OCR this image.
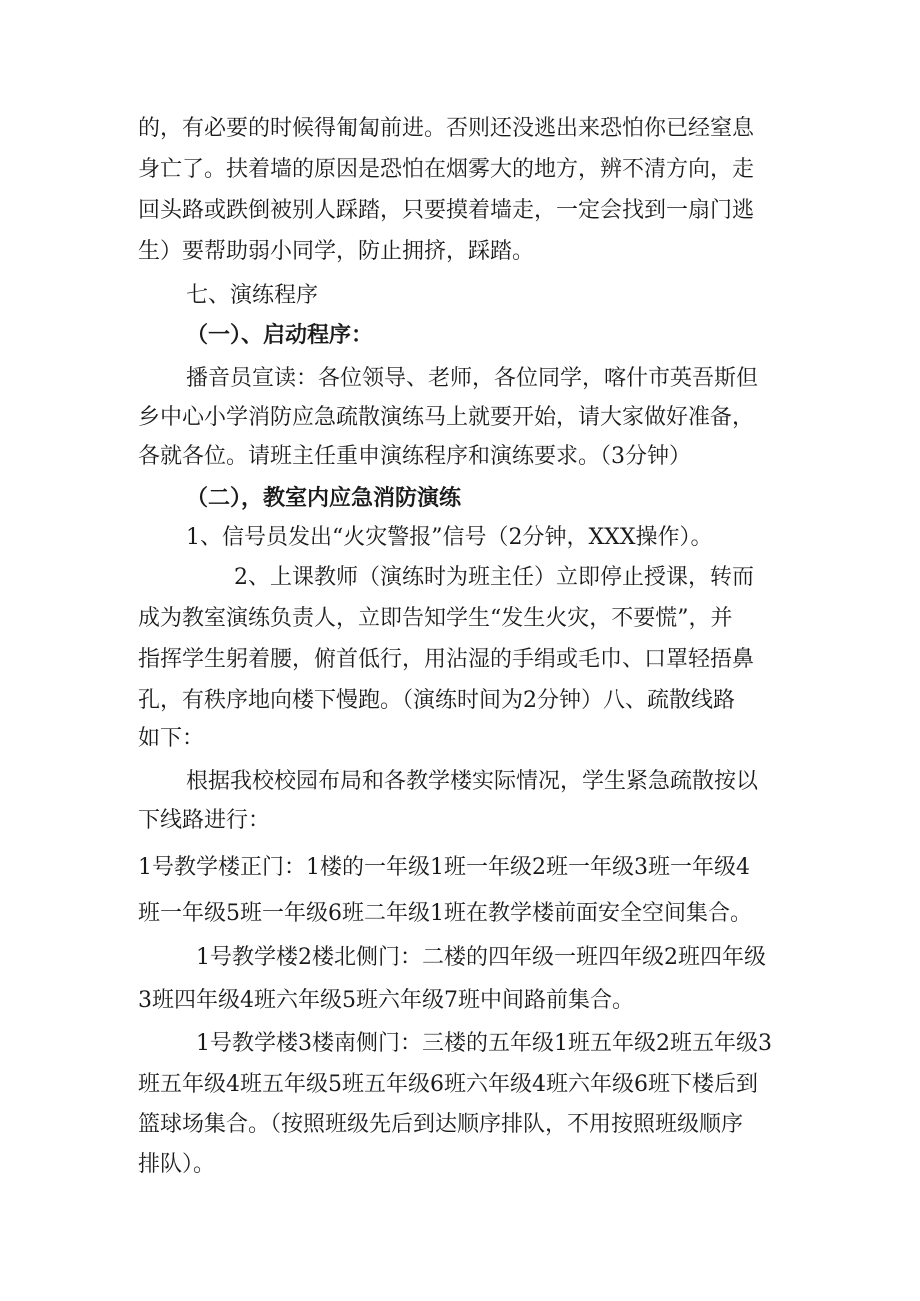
的，有必要的时候得匍匐前进。否则还没逃出来恐怕你已经窒息
身亡了。扶着墙的原因是恐怕在烟雾大的地方，辨不清方向，走
回头路或跌倒被别人踩踏，只要摸着墙走，一定会找到一扇门逃
生）要帮助弱小同学，防止拥挤，踩踏。
七、演练程序
（一）、启动程序：
播音员宣读：各位领导、老师，各位同学，喀什市英吾斯但
乡中心小学消防应急疏散演练马上就要开始，请大家做好准备，
各就各位。请班主任重申演练程序和演练要求。（3分钟）
（二），教室内应急消防演练
1、信号员发出“火灾警报”信号（2分钟，XXX操作）。
2、上课教师（演练时为班主任）立即停止授课，转而
成为教室演练负责人，立即告知学生“发生火灾，不要慌”，并
指挥学生躬着腰，俯首低行，用沾湿的手绢或毛巾、口罩轻捂鼻
孔，有秩序地向楼下慢跑。（演练时间为2分钟）八、疏散线路
如下：
根据我校校园布局和各教学楼实际情况，学生紧急疏散按以
下线路进行：
1号教学楼正门：1楼的一年级1班一年级2班一年级3班一年级4
班一年级5班一年级6班二年级1班在教学楼前面安全空间集合。
1号教学楼2楼北侧门：二楼的四年级一班四年级2班四年级
3班四年级4班六年级5班六年级7班中间路前集合。
1号教学楼3楼南侧门：三楼的五年级1班五年级2班五年级3
班五年级4班五年级5班五年级6班六年级4班六年级6班下楼后到
篮球场集合。（按照班级先后到达顺序排队，不用按照班级顺序
排队）。
